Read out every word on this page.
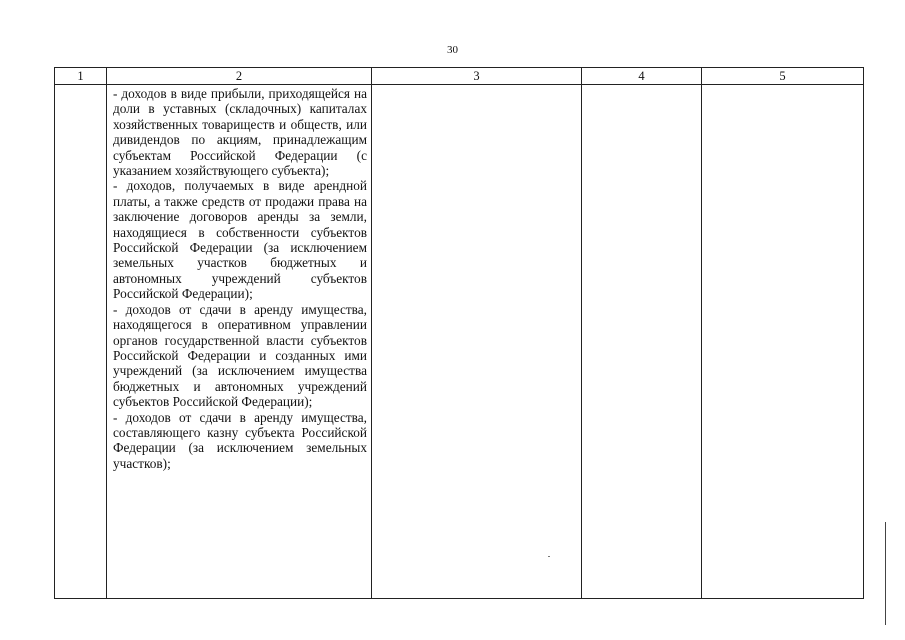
30
1	2	3	4	5

	- доходов в виде прибыли, приходящейся на доли в уставных (складочных) капиталах хозяйственных товариществ и обществ, или дивидендов по акциям, принадлежащим субъектам Российской Федерации (с указанием хозяйствующего субъекта);

- доходов, получаемых в виде арендной платы, а также средств от продажи права на заключение договоров аренды за земли, находящиеся в собственности субъектов Российской Федерации (за исключением земельных участков бюджетных и автономных учреждений субъектов Российской Федерации);

- доходов от сдачи в аренду имущества, находящегося в оперативном управлении органов государственной власти субъектов Российской Федерации и созданных ими учреждений (за исключением имущества бюджетных и автономных учреждений субъектов Российской Федерации);

- доходов от сдачи в аренду имущества, составляющего казну субъекта Российской Федерации (за исключением земельных участков);			
